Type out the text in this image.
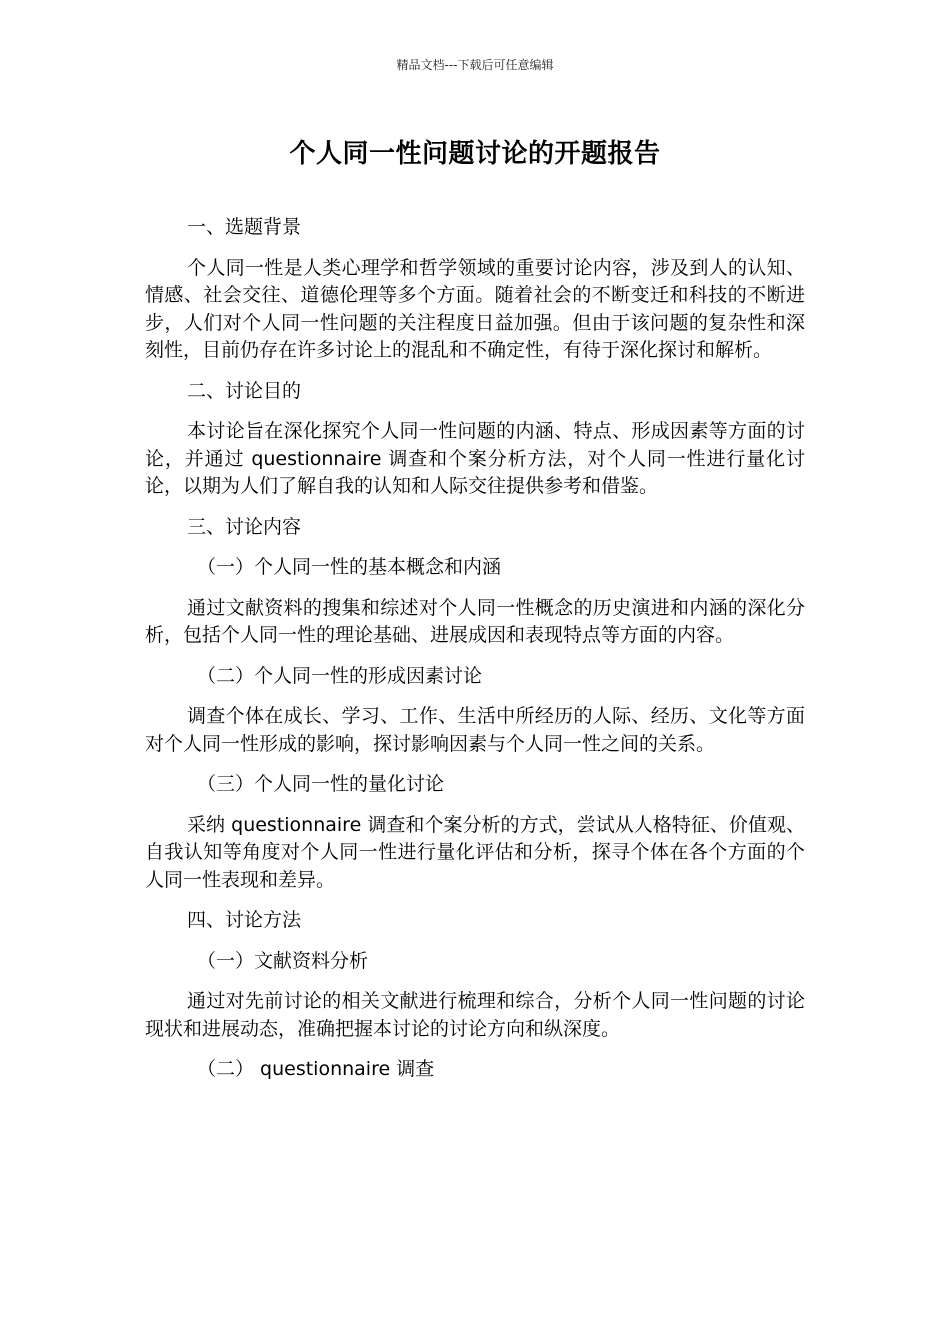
精品文档---下载后可任意编辑
个人同一性问题讨论的开题报告
一、选题背景
个人同一性是人类心理学和哲学领域的重要讨论内容，涉及到人的认知、情感、社会交往、道德伦理等多个方面。随着社会的不断变迁和科技的不断进步，人们对个人同一性问题的关注程度日益加强。但由于该问题的复杂性和深刻性，目前仍存在许多讨论上的混乱和不确定性，有待于深化探讨和解析。
二、讨论目的
本讨论旨在深化探究个人同一性问题的内涵、特点、形成因素等方面的讨论，并通过 questionnaire 调查和个案分析方法，对个人同一性进行量化讨论，以期为人们了解自我的认知和人际交往提供参考和借鉴。
三、讨论内容
（一）个人同一性的基本概念和内涵
通过文献资料的搜集和综述对个人同一性概念的历史演进和内涵的深化分析，包括个人同一性的理论基础、进展成因和表现特点等方面的内容。
（二）个人同一性的形成因素讨论
调查个体在成长、学习、工作、生活中所经历的人际、经历、文化等方面对个人同一性形成的影响，探讨影响因素与个人同一性之间的关系。
（三）个人同一性的量化讨论
采纳 questionnaire 调查和个案分析的方式，尝试从人格特征、价值观、自我认知等角度对个人同一性进行量化评估和分析，探寻个体在各个方面的个人同一性表现和差异。
四、讨论方法
（一）文献资料分析
通过对先前讨论的相关文献进行梳理和综合，分析个人同一性问题的讨论现状和进展动态，准确把握本讨论的讨论方向和纵深度。
（二） questionnaire 调查
